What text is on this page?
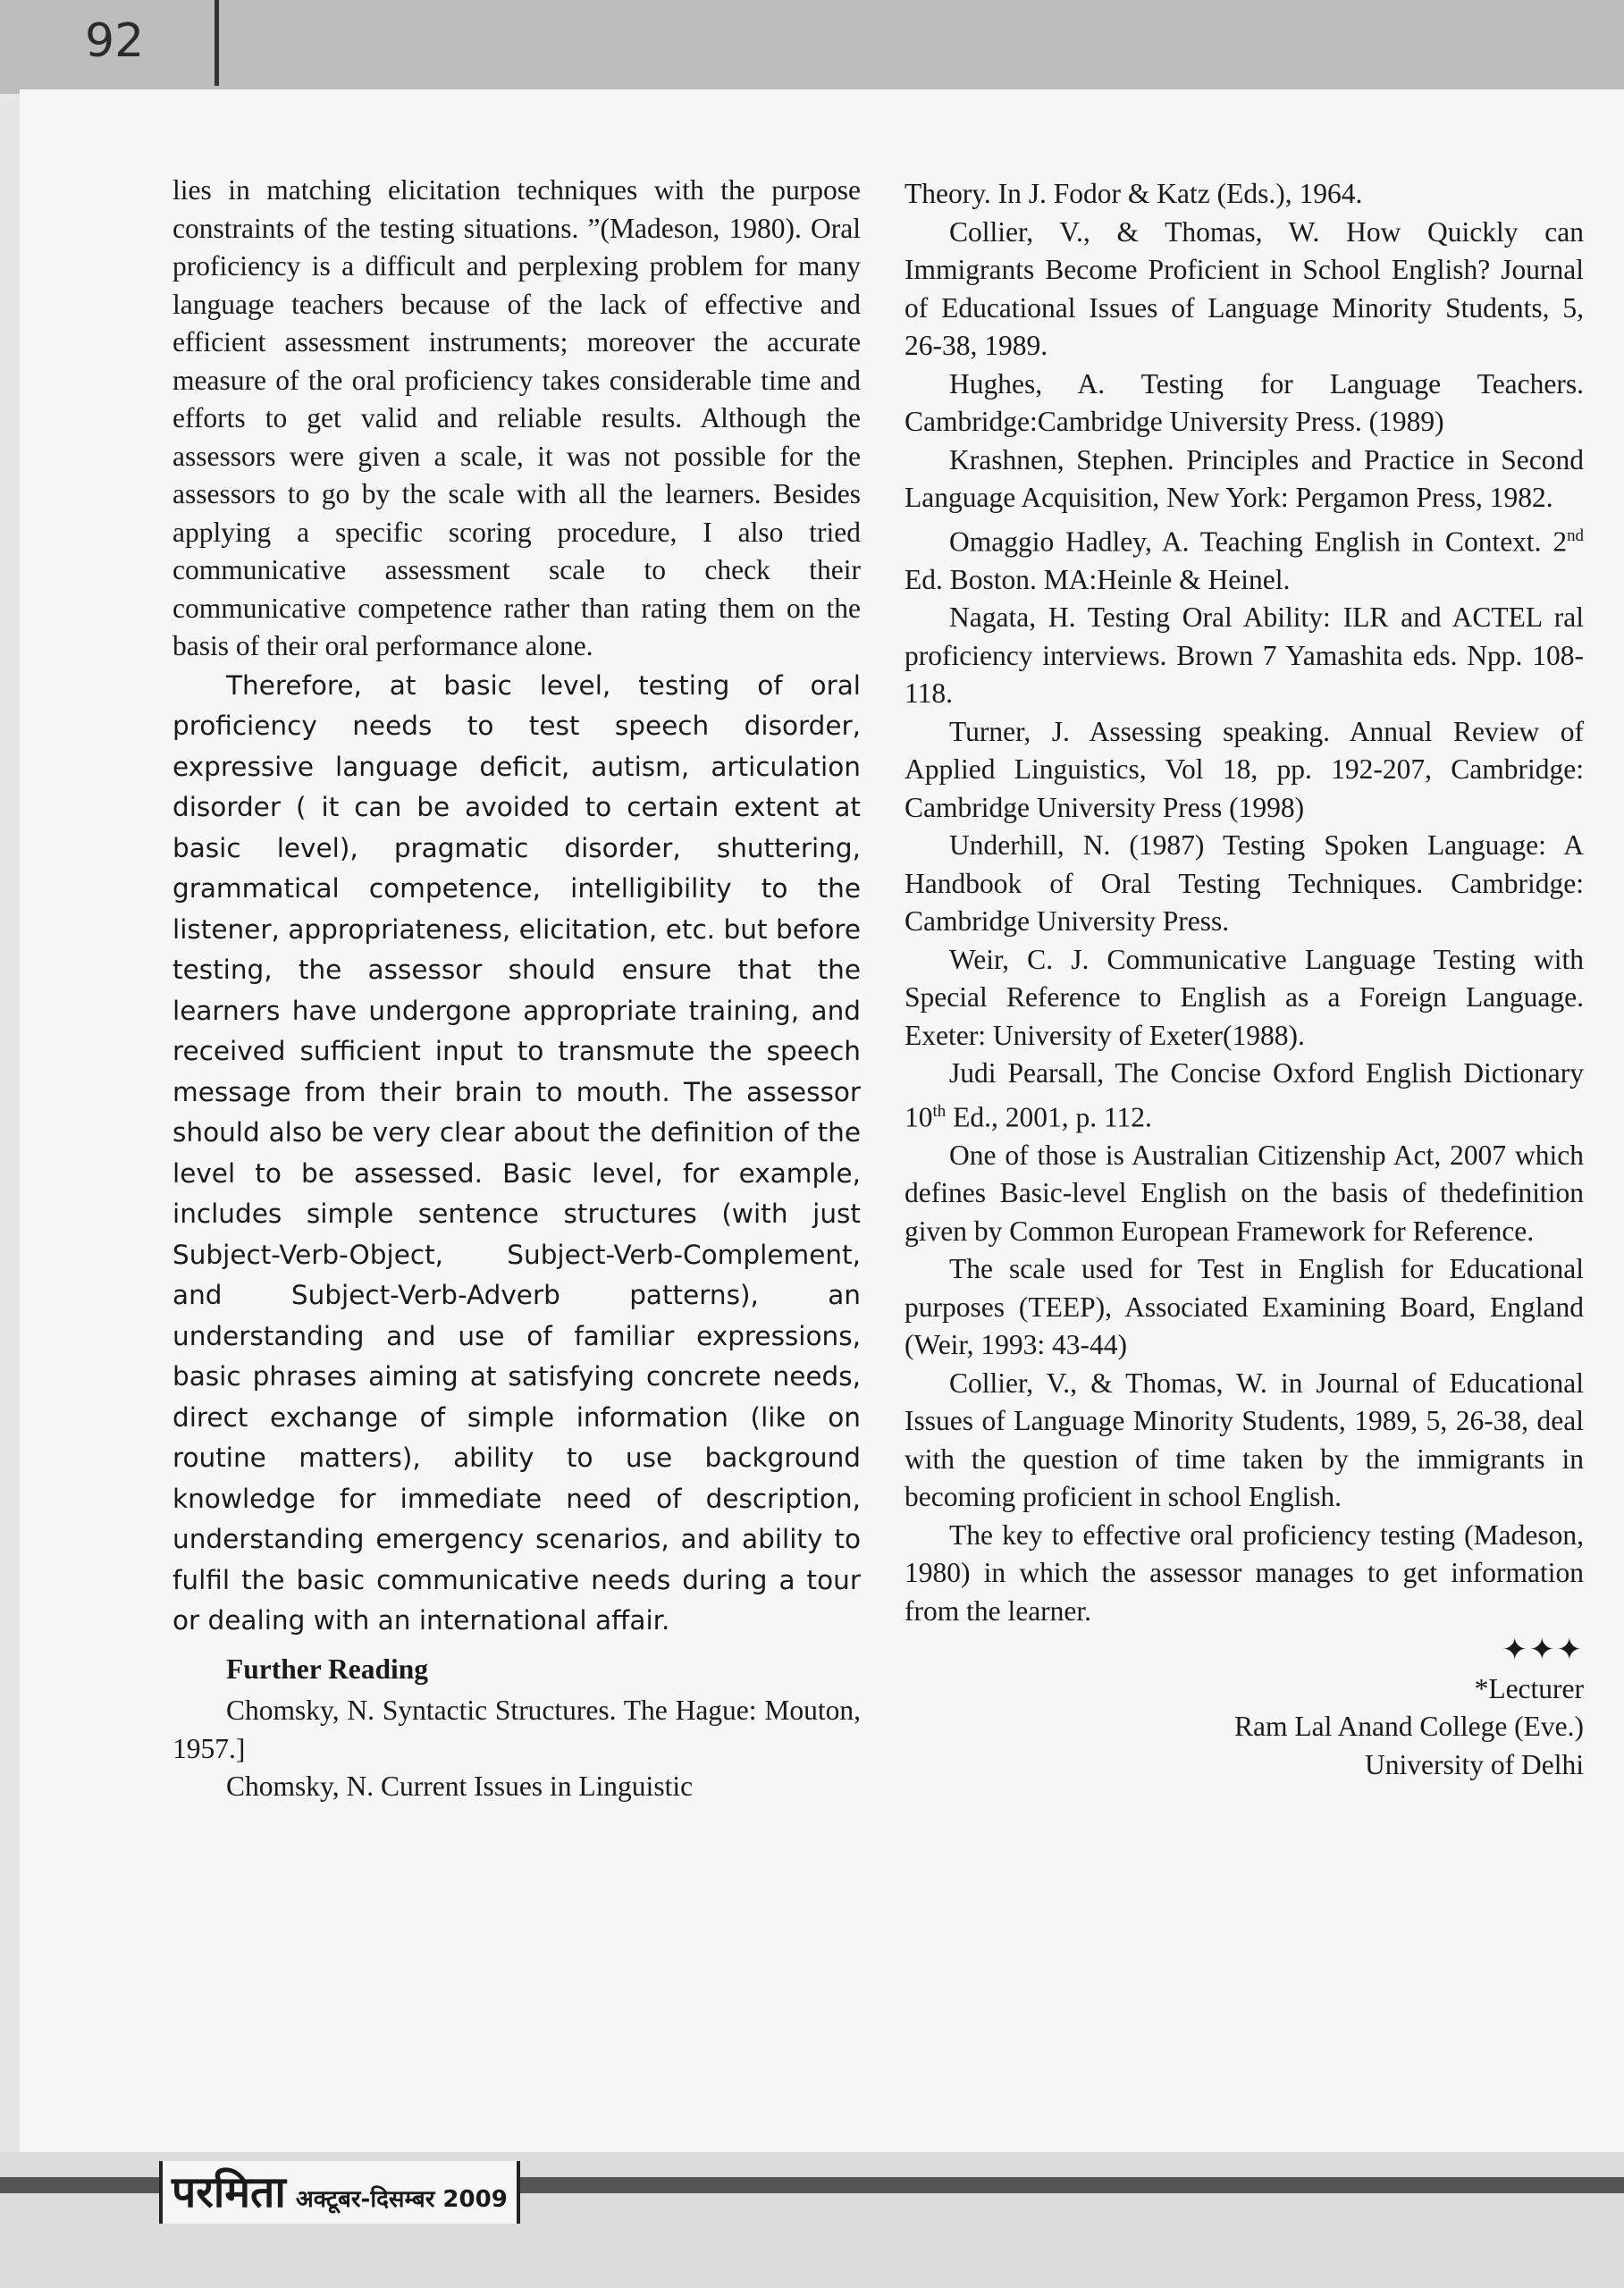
92

lies in matching elicitation techniques with the purpose constraints of the testing situations. ”(Madeson, 1980). Oral proficiency is a difficult and perplexing problem for many language teachers because of the lack of effective and efficient assessment instruments; moreover the accurate measure of the oral proficiency takes considerable time and efforts to get valid and reliable results. Although the assessors were given a scale, it was not possible for the assessors to go by the scale with all the learners. Besides applying a specific scoring procedure, I also tried communicative assessment scale to check their communicative competence rather than rating them on the basis of their oral performance alone.

Therefore, at basic level, testing of oral proficiency needs to test speech disorder, expressive language deficit, autism, articulation disorder ( it can be avoided to certain extent at basic level), pragmatic disorder, shuttering, grammatical competence, intelligibility to the listener, appropriateness, elicitation, etc. but before testing, the assessor should ensure that the learners have undergone appropriate training, and received sufficient input to transmute the speech message from their brain to mouth. The assessor should also be very clear about the definition of the level to be assessed. Basic level, for example, includes simple sentence structures (with just Subject-Verb-Object, Subject-Verb-Complement, and Subject-Verb-Adverb patterns), an understanding and use of familiar expressions, basic phrases aiming at satisfying concrete needs, direct exchange of simple information (like on routine matters), ability to use background knowledge for immediate need of description, understanding emergency scenarios, and ability to fulfil the basic communicative needs during a tour or dealing with an international affair.

Further Reading

Chomsky, N. Syntactic Structures. The Hague: Mouton, 1957.]

Chomsky, N. Current Issues in Linguistic

Theory. In J. Fodor & Katz (Eds.), 1964.

Collier, V., & Thomas, W. How Quickly can Immigrants Become Proficient in School English? Journal of Educational Issues of Language Minority Students, 5, 26-38, 1989.

Hughes, A. Testing for Language Teachers. Cambridge:Cambridge University Press. (1989)

Krashnen, Stephen. Principles and Practice in Second Language Acquisition, New York: Pergamon Press, 1982.

Omaggio Hadley, A. Teaching English in Context. 2nd Ed. Boston. MA:Heinle & Heinel.

Nagata, H. Testing Oral Ability: ILR and ACTEL ral proficiency interviews. Brown 7 Yamashita eds. Npp. 108-118.

Turner, J. Assessing speaking. Annual Review of Applied Linguistics, Vol 18, pp. 192-207, Cambridge: Cambridge University Press (1998)

Underhill, N. (1987) Testing Spoken Language: A Handbook of Oral Testing Techniques. Cambridge: Cambridge University Press.

Weir, C. J. Communicative Language Testing with Special Reference to English as a Foreign Language. Exeter: University of Exeter(1988).

Judi Pearsall, The Concise Oxford English Dictionary 10th Ed., 2001, p. 112.

One of those is Australian Citizenship Act, 2007 which defines Basic-level English on the basis of thedefinition given by Common European Framework for Reference.

The scale used for Test in English for Educational purposes (TEEP), Associated Examining Board, England (Weir, 1993: 43-44)

Collier, V., & Thomas, W. in Journal of Educational Issues of Language Minority Students, 1989, 5, 26-38, deal with the question of time taken by the immigrants in becoming proficient in school English.

The key to effective oral proficiency testing (Madeson, 1980) in which the assessor manages to get information from the learner.

✦✦✦

*Lecturer

Ram Lal Anand College (Eve.)

University of Delhi

परमिता अक्टूबर-दिसम्बर 2009
